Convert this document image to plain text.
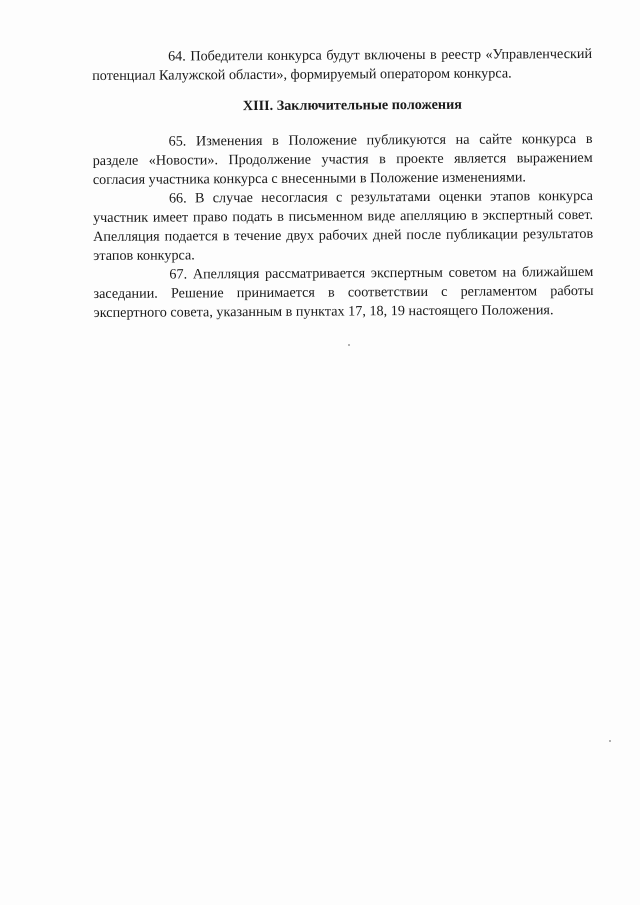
64. Победители конкурса будут включены в реестр «Управленческий потенциал Калужской области», формируемый оператором конкурса.

XIII. Заключительные положения

65. Изменения в Положение публикуются на сайте конкурса в разделе «Новости». Продолжение участия в проекте является выражением согласия участника конкурса с внесенными в Положение изменениями.

66. В случае несогласия с результатами оценки этапов конкурса участник имеет право подать в письменном виде апелляцию в экспертный совет. Апелляция подается в течение двух рабочих дней после публикации результатов этапов конкурса.

67. Апелляция рассматривается экспертным советом на ближайшем заседании. Решение принимается в соответствии с регламентом работы экспертного совета, указанным в пунктах 17, 18, 19 настоящего Положения.
